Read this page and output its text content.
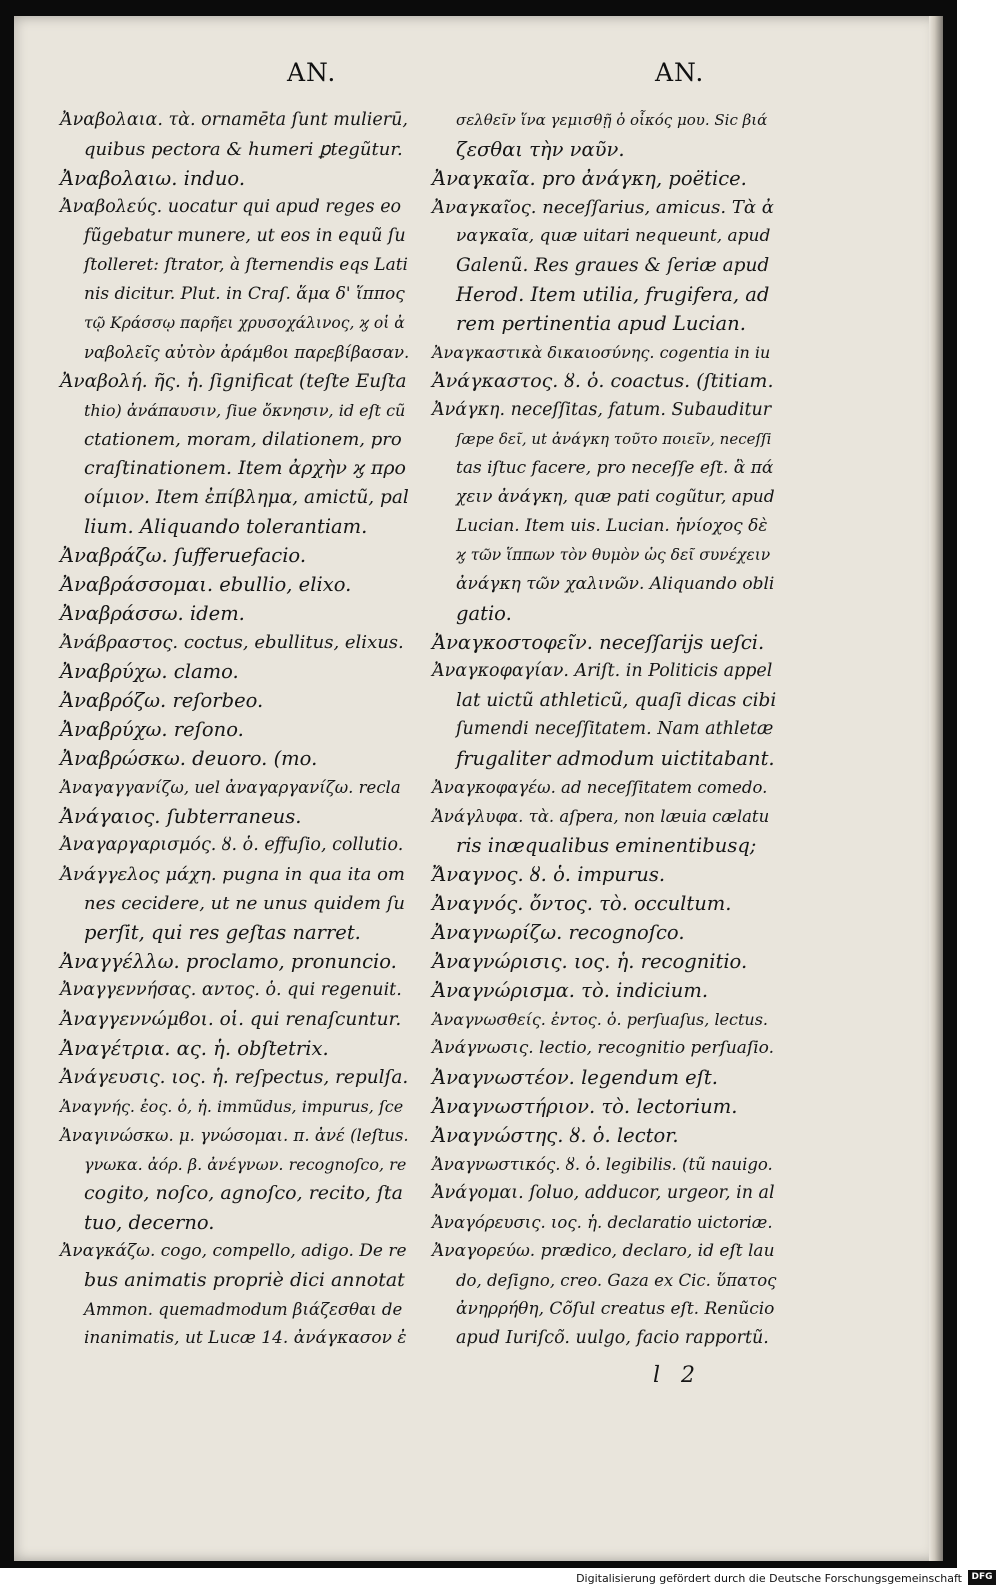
ΑN.	AN.
Ἀναβολαια. τὰ. ornamēta ſunt mulierū,
quibus pectora & humeri ꝑtegũtur.
Ἀναβολαιω. induo.
Ἀναβολεύς. uocatur qui apud reges eo
fũgebatur munere, ut eos in equũ ſu
ſtolleret: ſtrator, à ſternendis eqs Lati
nis dicitur. Plut. in Craſ. ἅμα δ' ἵππος
τῷ Κράσσῳ παρῆει χρυσοχάλινος, ϗ οἱ ἀ
ναβολεῖς αὐτὸν ἀράμϐοι παρεβίβασαν.
Ἀναβολή. ῆς. ἡ. ſignificat (teſte Euſta
thio) ἀνάπαυσιν, ſiue ὄκνησιν, id eſt cũ
ctationem, moram, dilationem, pro
craſtinationem. Item ἀρχὴν ϗ προ
οίμιον. Item ἐπίβλημα, amictũ, pal
lium. Aliquando tolerantiam.
Ἀναβράζω. ſufferuefacio.
Ἀναβράσσομαι. ebullio, elixo.
Ἀναβράσσω. idem.
Ἀνάβραστος. coctus, ebullitus, elixus.
Ἀναβρύχω. clamo.
Ἀναβρόζω. reſorbeo.
Ἀναβρύχω. reſono.
Ἀναβρώσκω. deuoro. (mo.
Ἀναγαγγανίζω, uel ἀναγαργανίζω. recla
Ἀνάγαιος. ſubterraneus.
Ἀναγαργαρισμός. ȣ. ὁ. effuſio, collutio.
Ἀνάγγελος μάχη. pugna in qua ita om
nes cecidere, ut ne unus quidem ſu
perſit, qui res geſtas narret.
Ἀναγγέλλω. proclamo, pronuncio.
Ἀναγγεννήσας. αντος. ὁ. qui regenuit.
Ἀναγγεννώμϐοι. οἱ. qui renaſcuntur.
Ἀναγέτρια. ας. ἡ. obſtetrix.
Ἀνάγευσις. ιος. ἡ. reſpectus, repulſa.
Ἀναγνής. ἐος. ὁ, ἡ. immũdus, impurus, ſce
Ἀναγινώσκω. μ. γνώσομαι. π. ἀνέ (leſtus.
γνωκα. ἀόρ. β. ἀνέγνων. recognoſco, re
cogito, noſco, agnoſco, recito, ſta
tuo, decerno.
Ἀναγκάζω. cogo, compello, adigo. De re
bus animatis propriè dici annotat
Ammon. quemadmodum βιάζεσθαι de
inanimatis, ut Lucæ 14. ἀνάγκασον ἐ
σελθεῖν ἵνα γεμισθῇ ὁ οἶκός μου. Sic βιά
ζεσθαι τὴν ναῦν.
Ἀναγκαῖα. pro ἀνάγκη, poëtice.
Ἀναγκαῖος. neceſſarius, amicus. Τὰ ἀ
ναγκαῖα, quæ uitari nequeunt, apud
Galenũ. Res graues & ſeriæ apud
Herod. Item utilia, frugifera, ad
rem pertinentia apud Lucian.
Ἀναγκαστικὰ δικαιοσύνης. cogentia in iu
Ἀνάγκαστος. ȣ. ὁ. coactus. (ſtitiam.
Ἀνάγκη. neceſſitas, fatum. Subauditur
ſæpe δεῖ, ut ἀνάγκη τοῦτο ποιεῖν, neceſſi
tas iſtuc facere, pro neceſſe eſt. ἃ πά
χειν ἀνάγκη, quæ pati cogũtur, apud
Lucian. Item uis. Lucian. ἡνίοχος δὲ
ϗ τῶν ἵππων τὸν θυμὸν ὡς δεῖ συνέχειν
ἀνάγκη τῶν χαλινῶν. Aliquando obli
gatio.
Ἀναγκοστοφεῖν. neceſſarijs ueſci.
Ἀναγκοφαγίαν. Ariſt. in Politicis appel
lat uictũ athleticũ, quaſi dicas cibi
ſumendi neceſſitatem. Nam athletæ
frugaliter admodum uictitabant.
Ἀναγκοφαγέω. ad neceſſitatem comedo.
Ἀνάγλυφα. τὰ. aſpera, non læuia cælatu
ris inæqualibus eminentibusq;
Ἄναγνος. ȣ. ὁ. impurus.
Ἀναγνός. ὄντος. τὸ. occultum.
Ἀναγνωρίζω. recognoſco.
Ἀναγνώρισις. ιος. ἡ. recognitio.
Ἀναγνώρισμα. τὸ. indicium.
Ἀναγνωσθείς. ἐντος. ὁ. perſuaſus, lectus.
Ἀνάγνωσις. lectio, recognitio perſuaſio.
Ἀναγνωστέον. legendum eſt.
Ἀναγνωστήριον. τὸ. lectorium.
Ἀναγνώστης. ȣ. ὁ. lector.
Ἀναγνωστικός. ȣ. ὁ. legibilis. (tũ nauigo.
Ἀνάγομαι. ſoluo, adducor, urgeor, in al
Ἀναγόρευσις. ιος. ἡ. declaratio uictoriæ.
Ἀναγορεύω. prædico, declaro, id eſt lau
do, deſigno, creo. Gaza ex Cic. ὕπατος
ἀνηρρήθη, Cõſul creatus eſt. Renũcio
apud Iuriſcõ. uulgo, facio rapportũ.
l 2
Digitalisierung gefördert durch die Deutsche Forschungsgemeinschaft	DFG
